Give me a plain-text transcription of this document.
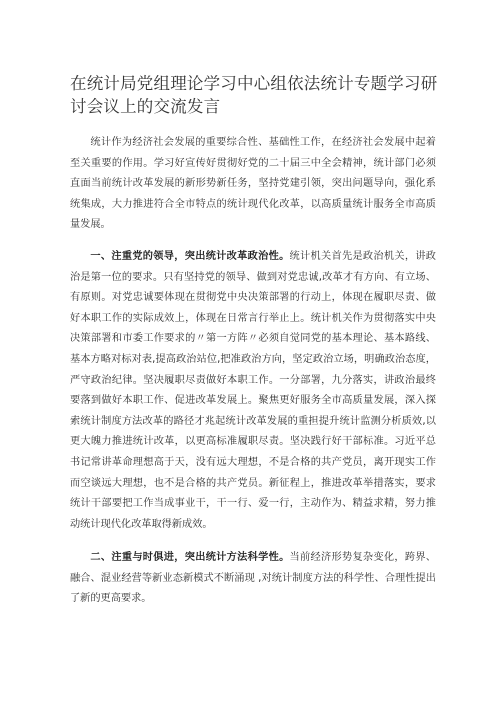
在统计局党组理论学习中心组依法统计专题学习研讨会议上的交流发言

统计作为经济社会发展的重要综合性、基础性工作，在经济社会发展中起着至关重要的作用。学习好宣传好贯彻好党的二十届三中全会精神，统计部门必须直面当前统计改革发展的新形势新任务，坚持党建引领，突出问题导向，强化系统集成，大力推进符合全市特点的统计现代化改革，以高质量统计服务全市高质量发展。

一、注重党的领导，突出统计改革政治性。统计机关首先是政治机关，讲政治是第一位的要求。只有坚持党的领导、做到对党忠诚,改革才有方向、有立场、有原则。对党忠诚要体现在贯彻党中央决策部署的行动上，体现在履职尽责、做好本职工作的实际成效上，体现在日常言行举止上。统计机关作为贯彻落实中央决策部署和市委工作要求的〃第一方阵〃必须自觉同党的基本理论、基本路线、基本方略对标对表,提高政治站位,把准政治方向，坚定政治立场，明确政治态度，严守政治纪律。坚决履职尽责做好本职工作。一分部署，九分落实，讲政治最终要落到做好本职工作、促进改革发展上。聚焦更好服务全市高质量发展，深入探索统计制度方法改革的路径才兆起统计改革发展的重担提升统计监测分析质效,以更大魄力推进统计改革，以更高标准履职尽责。坚决践行好干部标准。习近平总书记常讲革命理想高于天，没有远大理想，不是合格的共产党员，离开现实工作而空谈远大理想，也不是合格的共产党员。新征程上，推进改革举措落实，要求统计干部要把工作当成事业干，干一行、爱一行，主动作为、精益求精，努力推动统计现代化改革取得新成效。

二、注重与时俱进，突出统计方法科学性。当前经济形势复杂变化，跨界、融合、混业经营等新业态新模式不断涌现 ,对统计制度方法的科学性、合理性提出了新的更高要求。
